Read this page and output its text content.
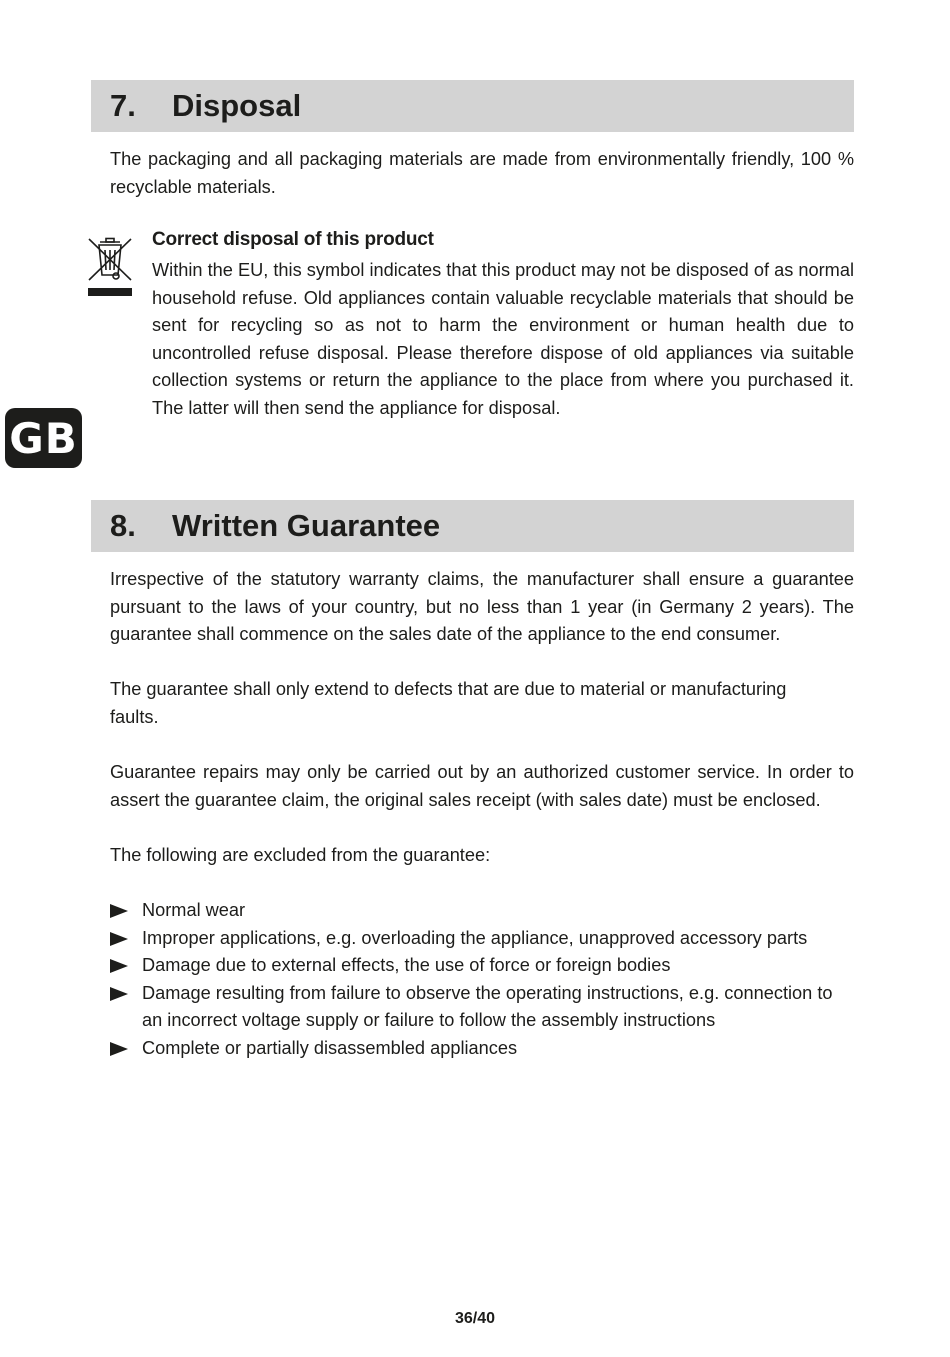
7.	Disposal

The packaging and all packaging materials are made from environmentally friendly, 100 % recyclable materials.

Correct disposal of this product

Within the EU, this symbol indicates that this product may not be disposed of as normal household refuse. Old appliances contain valuable recyclable materials that should be sent for recycling so as not to harm the environment or human health due to uncontrolled refuse disposal. Please therefore dispose of old appliances via suitable collection systems or return the appliance to the place from where you purchased it. The latter will then send the appliance for disposal.

GB
8.	Written Guarantee

Irrespective of the statutory warranty claims, the manufacturer shall ensure a guarantee pursuant to the laws of your country, but no less than 1 year (in Germany 2 years). The guarantee shall commence on the sales date of the appliance to the end consumer.

The guarantee shall only extend to defects that are due to material or manufacturing faults.

Guarantee repairs may only be carried out by an authorized customer service. In order to assert the guarantee claim, the original sales receipt (with sales date) must be enclosed.

The following are excluded from the guarantee:

Normal wear
Improper applications, e.g. overloading the appliance, unapproved accessory parts
Damage due to external effects, the use of force or foreign bodies
Damage resulting from failure to observe the operating instructions, e.g. connection to an incorrect voltage supply or failure to follow the assembly instructions
Complete or partially disassembled appliances
36/40
